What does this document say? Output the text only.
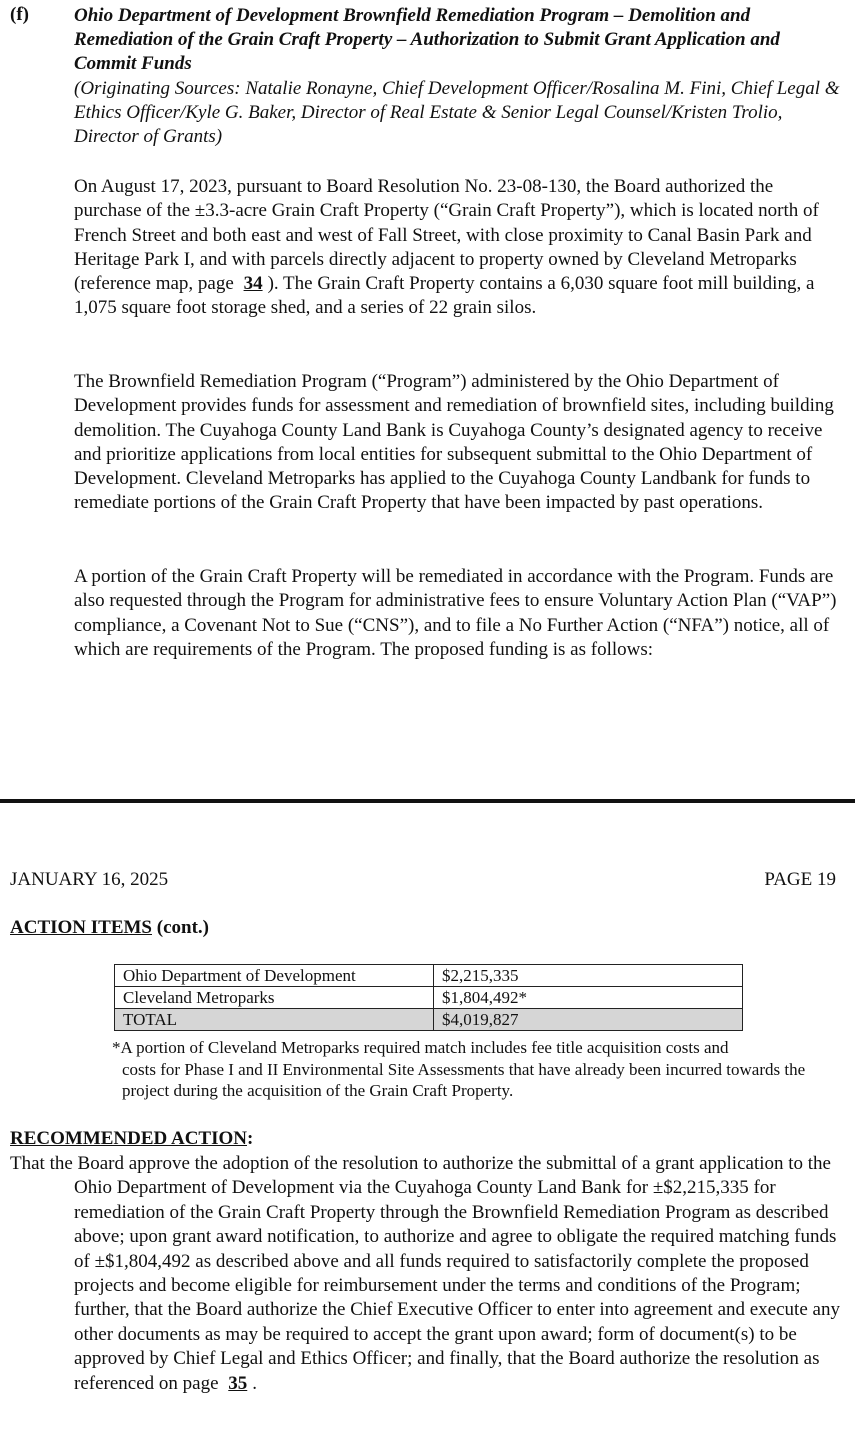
(f) Ohio Department of Development Brownfield Remediation Program – Demolition and Remediation of the Grain Craft Property – Authorization to Submit Grant Application and Commit Funds
(Originating Sources: Natalie Ronayne, Chief Development Officer/Rosalina M. Fini, Chief Legal & Ethics Officer/Kyle G. Baker, Director of Real Estate & Senior Legal Counsel/Kristen Trolio, Director of Grants)
On August 17, 2023, pursuant to Board Resolution No. 23-08-130, the Board authorized the purchase of the ±3.3-acre Grain Craft Property (“Grain Craft Property”), which is located north of French Street and both east and west of Fall Street, with close proximity to Canal Basin Park and Heritage Park I, and with parcels directly adjacent to property owned by Cleveland Metroparks (reference map, page 34 ). The Grain Craft Property contains a 6,030 square foot mill building, a 1,075 square foot storage shed, and a series of 22 grain silos.
The Brownfield Remediation Program (“Program”) administered by the Ohio Department of Development provides funds for assessment and remediation of brownfield sites, including building demolition. The Cuyahoga County Land Bank is Cuyahoga County’s designated agency to receive and prioritize applications from local entities for subsequent submittal to the Ohio Department of Development. Cleveland Metroparks has applied to the Cuyahoga County Landbank for funds to remediate portions of the Grain Craft Property that have been impacted by past operations.
A portion of the Grain Craft Property will be remediated in accordance with the Program. Funds are also requested through the Program for administrative fees to ensure Voluntary Action Plan (“VAP”) compliance, a Covenant Not to Sue (“CNS”), and to file a No Further Action (“NFA”) notice, all of which are requirements of the Program. The proposed funding is as follows:
JANUARY 16, 2025	PAGE 19
ACTION ITEMS (cont.)
Ohio Department of Development	$2,215,335
Cleveland Metroparks	$1,804,492*
TOTAL	$4,019,827
*A portion of Cleveland Metroparks required match includes fee title acquisition costs and
costs for Phase I and II Environmental Site Assessments that have already been incurred towards the project during the acquisition of the Grain Craft Property.
RECOMMENDED ACTION:
That the Board approve the adoption of the resolution to authorize the submittal of a grant application to the Ohio Department of Development via the Cuyahoga County Land Bank for ±$2,215,335 for remediation of the Grain Craft Property through the Brownfield Remediation Program as described above; upon grant award notification, to authorize and agree to obligate the required matching funds of ±$1,804,492 as described above and all funds required to satisfactorily complete the proposed projects and become eligible for reimbursement under the terms and conditions of the Program; further, that the Board authorize the Chief Executive Officer to enter into agreement and execute any other documents as may be required to accept the grant upon award; form of document(s) to be approved by Chief Legal and Ethics Officer; and finally, that the Board authorize the resolution as referenced on page 35 .
